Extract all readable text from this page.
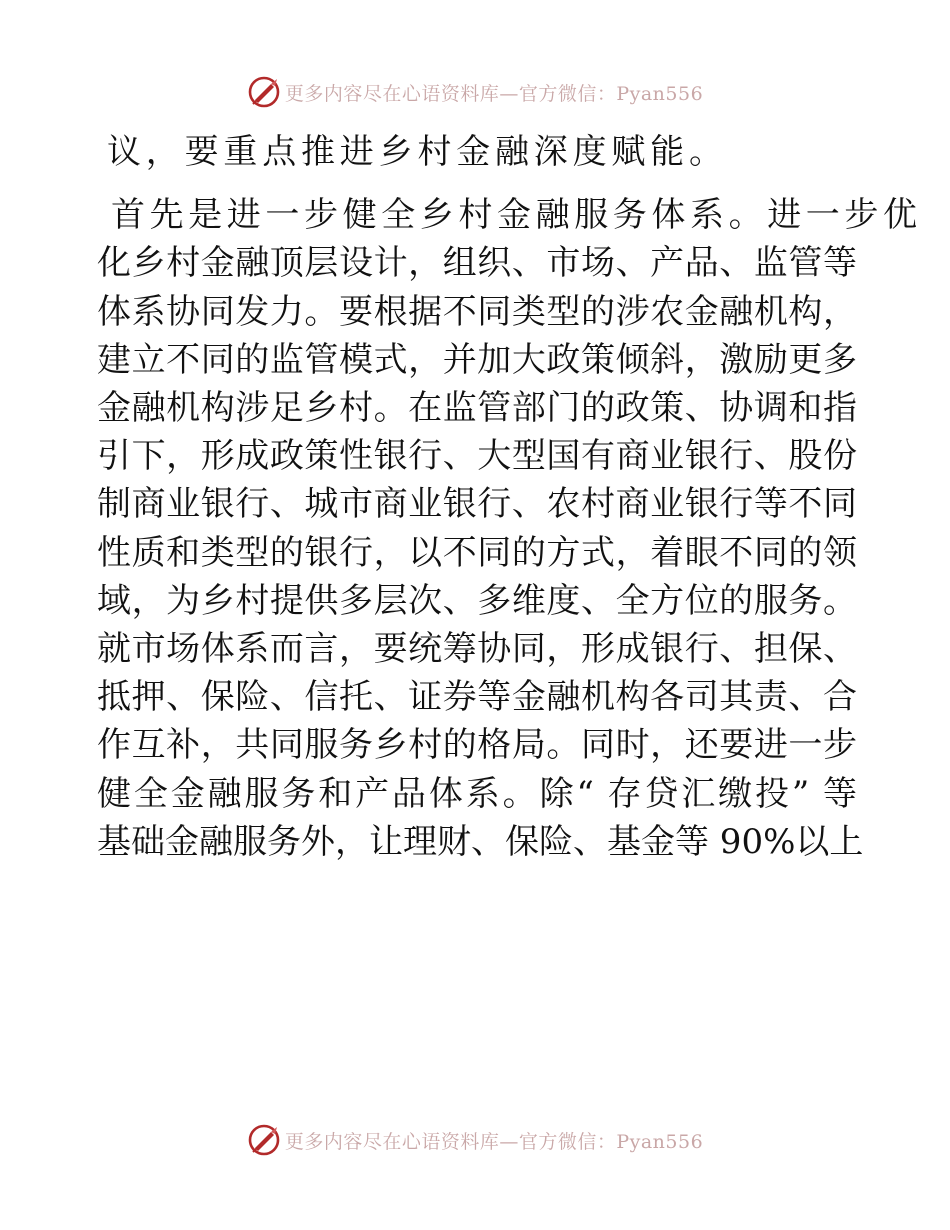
更多内容尽在心语资料库—官方微信：Pyan556
议，要重点推进乡村金融深度赋能。
首先是进一步健全乡村金融服务体系。进一步优
化乡村金融顶层设计，组织、市场、产品、监管等
体系协同发力。要根据不同类型的涉农金融机构，
建立不同的监管模式，并加大政策倾斜，激励更多
金融机构涉足乡村。在监管部门的政策、协调和指
引下，形成政策性银行、大型国有商业银行、股份
制商业银行、城市商业银行、农村商业银行等不同
性质和类型的银行，以不同的方式，着眼不同的领
域，为乡村提供多层次、多维度、全方位的服务。
就市场体系而言，要统筹协同，形成银行、担保、
抵押、保险、信托、证券等金融机构各司其责、合
作互补，共同服务乡村的格局。同时，还要进一步
健全金融服务和产品体系。除“ 存贷汇缴投” 等
基础金融服务外，让理财、保险、基金等 90%以上
更多内容尽在心语资料库—官方微信：Pyan556
